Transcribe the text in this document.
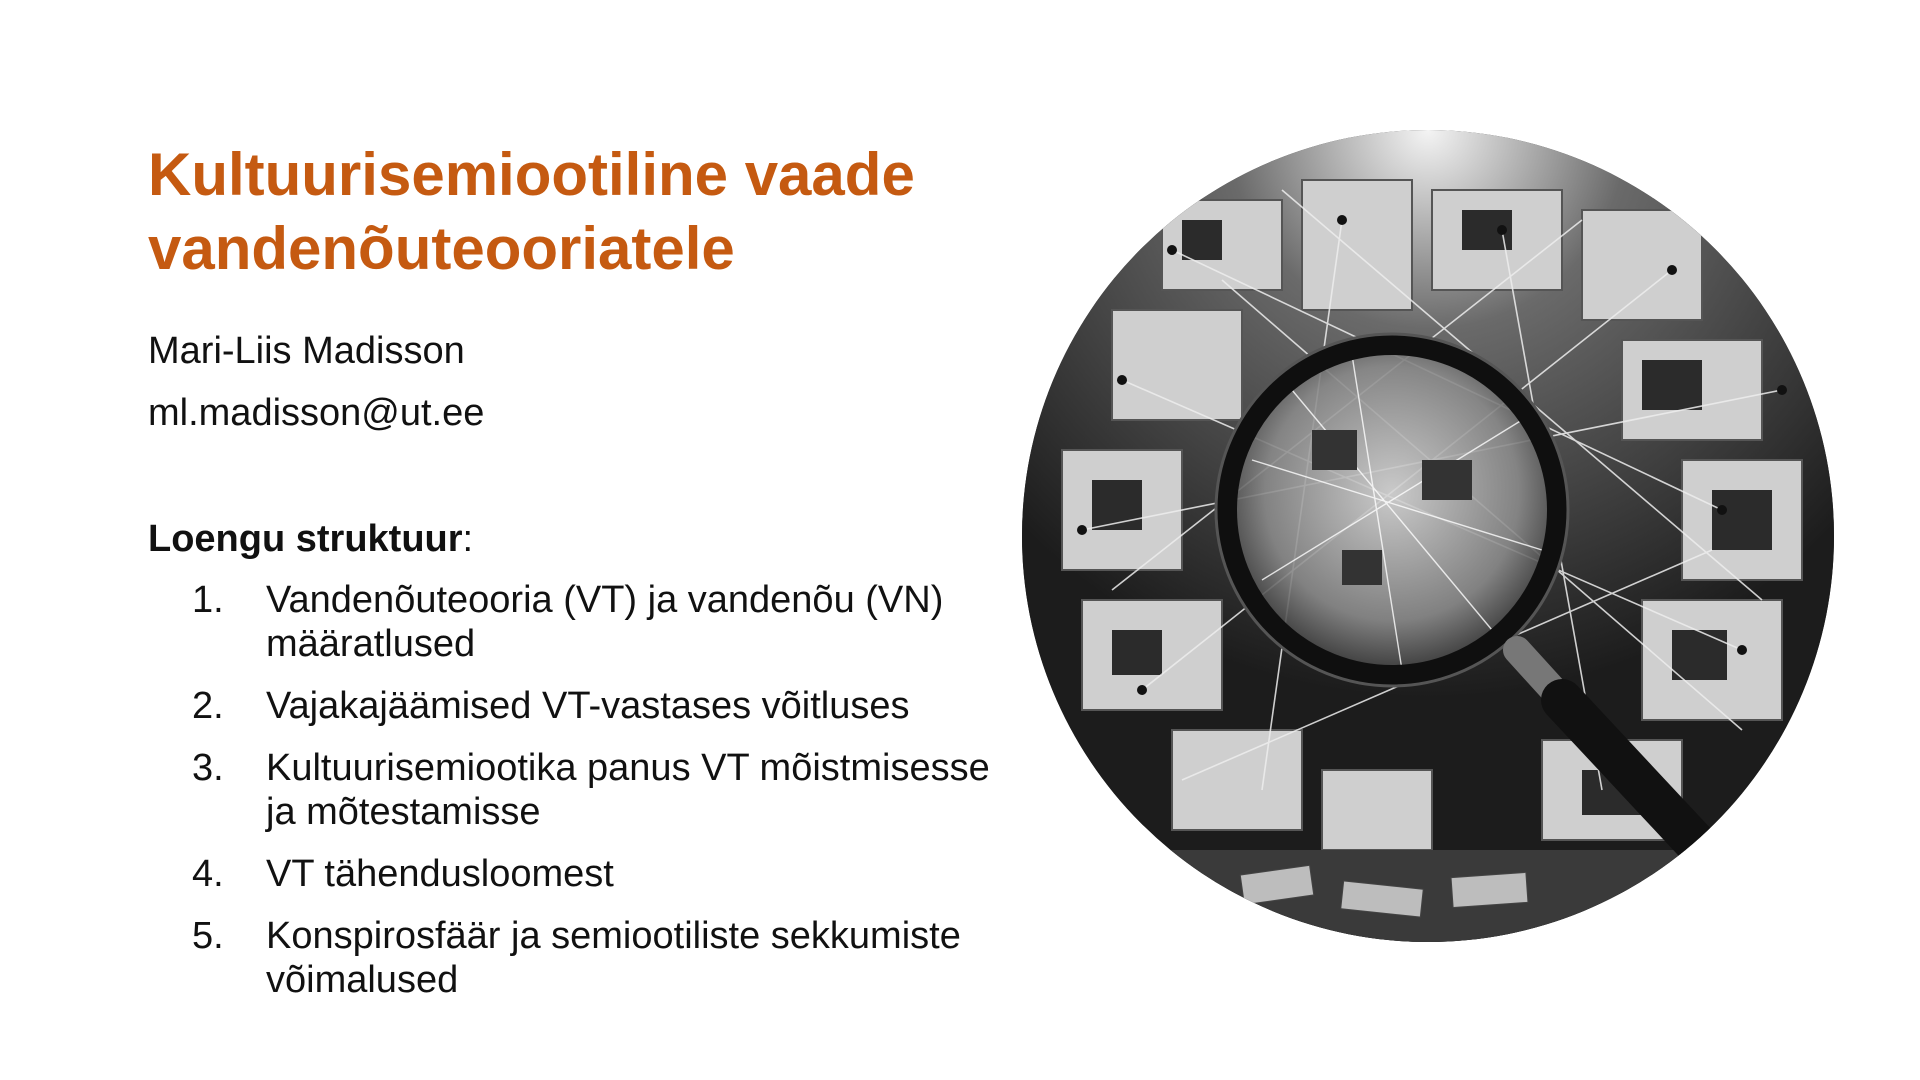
Kultuurisemiootiline vaade
vandenõuteooriatele
Mari-Liis Madisson
ml.madisson@ut.ee
Loengu struktuur:
1. Vandenõuteooria (VT) ja vandenõu (VN) määratlused
2. Vajakajäämised VT-vastases võitluses
3. Kultuurisemiootika panus VT mõistmisesse ja mõtestamisse
4. VT tähendusloomest
5. Konspirosfäär ja semiootiliste sekkumiste võimalused
